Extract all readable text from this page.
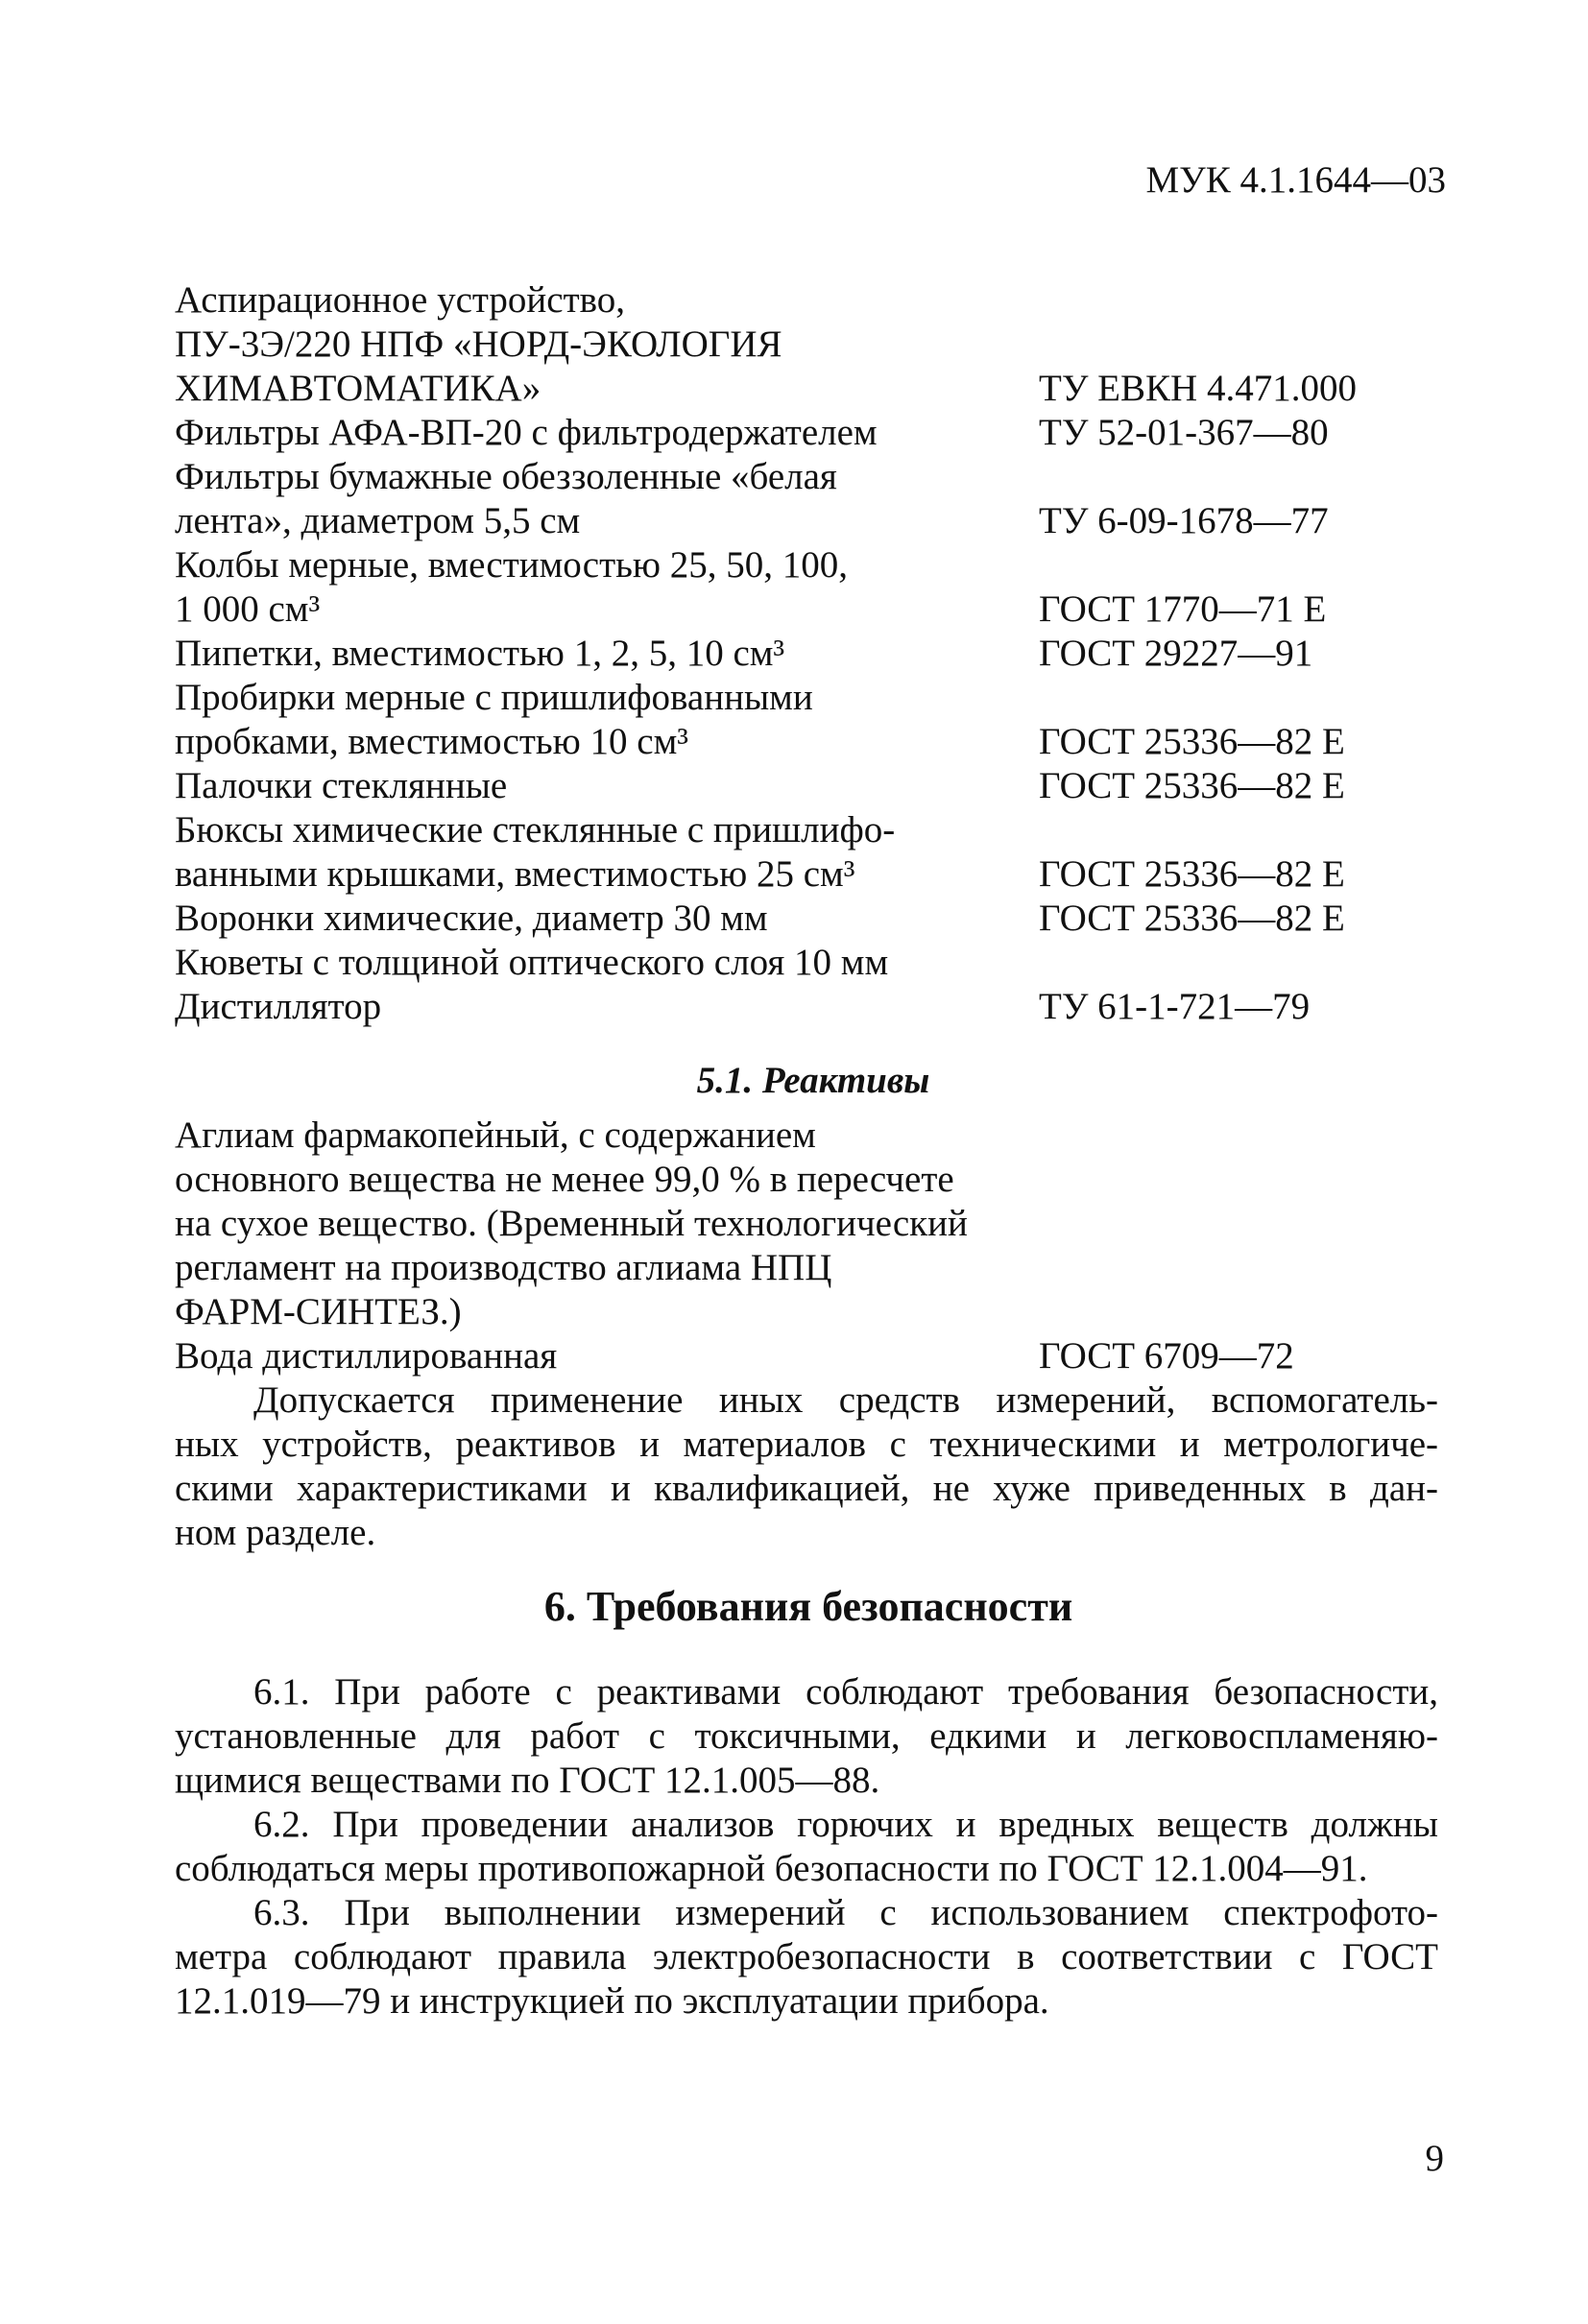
МУК 4.1.1644—03
Аспирационное устройство,
ПУ-3Э/220 НПФ «НОРД-ЭКОЛОГИЯ
ХИМАВТОМАТИКА»	ТУ ЕВКН 4.471.000
Фильтры АФА-ВП-20 с фильтродержателем	ТУ 52-01-367—80
Фильтры бумажные обеззоленные «белая
лента», диаметром 5,5 см	ТУ 6-09-1678—77
Колбы мерные, вместимостью 25, 50, 100,
1 000 см³	ГОСТ 1770—71 Е
Пипетки, вместимостью 1, 2, 5, 10 см³	ГОСТ 29227—91
Пробирки мерные с пришлифованными
пробками, вместимостью 10 см³	ГОСТ 25336—82 Е
Палочки стеклянные	ГОСТ 25336—82 Е
Бюксы химические стеклянные с пришлифо-
ванными крышками, вместимостью 25 см³	ГОСТ 25336—82 Е
Воронки химические, диаметр 30 мм	ГОСТ 25336—82 Е
Кюветы с толщиной оптического слоя 10 мм
Дистиллятор	ТУ 61-1-721—79
5.1. Реактивы
Аглиам фармакопейный, с содержанием
основного вещества не менее 99,0 % в пересчете
на сухое вещество. (Временный технологический
регламент на производство аглиама НПЦ
ФАРМ-СИНТЕЗ.)
Вода дистиллированная	ГОСТ 6709—72
Допускается применение иных средств измерений, вспомогатель-
ных устройств, реактивов и материалов с техническими и метрологиче-
скими характеристиками и квалификацией, не хуже приведенных в дан-
ном разделе.
6. Требования безопасности
6.1. При работе с реактивами соблюдают требования безопасности,
установленные для работ с токсичными, едкими и легковоспламеняю-
щимися веществами по ГОСТ 12.1.005—88.
6.2. При проведении анализов горючих и вредных веществ должны
соблюдаться меры противопожарной безопасности по ГОСТ 12.1.004—91.
6.3. При выполнении измерений с использованием спектрофото-
метра соблюдают правила электробезопасности в соответствии с ГОСТ
12.1.019—79 и инструкцией по эксплуатации прибора.
9
